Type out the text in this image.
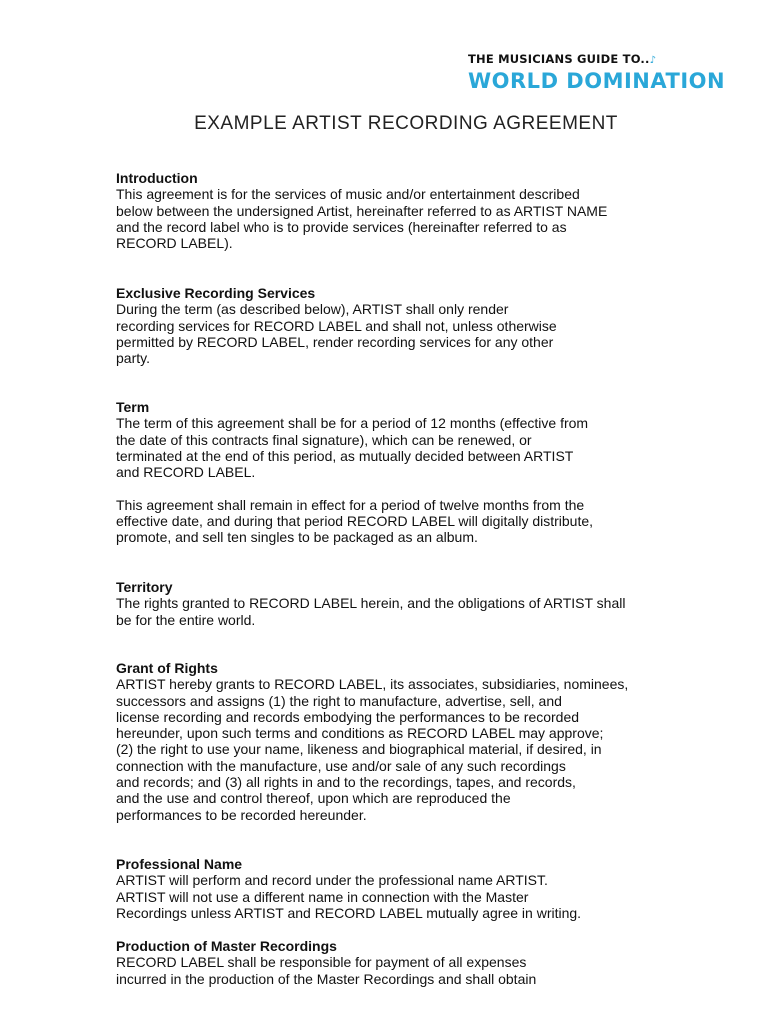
THE MUSICIANS GUIDE TO..♪
WORLD DOMINATION
EXAMPLE ARTIST RECORDING AGREEMENT
Introduction
This agreement is for the services of music and/or entertainment described
below between the undersigned Artist, hereinafter referred to as ARTIST NAME
and the record label who is to provide services (hereinafter referred to as
RECORD LABEL).
Exclusive Recording Services
During the term (as described below), ARTIST shall only render
recording services for RECORD LABEL and shall not, unless otherwise
permitted by RECORD LABEL, render recording services for any other
party.
Term
The term of this agreement shall be for a period of 12 months (effective from
the date of this contracts final signature), which can be renewed, or
terminated at the end of this period, as mutually decided between ARTIST
and RECORD LABEL.
This agreement shall remain in effect for a period of twelve months from the
effective date, and during that period RECORD LABEL will digitally distribute,
promote, and sell ten singles to be packaged as an album.
Territory
The rights granted to RECORD LABEL herein, and the obligations of ARTIST shall
be for the entire world.
Grant of Rights
ARTIST hereby grants to RECORD LABEL, its associates, subsidiaries, nominees,
successors and assigns (1) the right to manufacture, advertise, sell, and
license recording and records embodying the performances to be recorded
hereunder, upon such terms and conditions as RECORD LABEL may approve;
(2) the right to use your name, likeness and biographical material, if desired, in
connection with the manufacture, use and/or sale of any such recordings
and records; and (3) all rights in and to the recordings, tapes, and records,
and the use and control thereof, upon which are reproduced the
performances to be recorded hereunder.
Professional Name
ARTIST will perform and record under the professional name ARTIST.
ARTIST will not use a different name in connection with the Master
Recordings unless ARTIST and RECORD LABEL mutually agree in writing.
Production of Master Recordings
RECORD LABEL shall be responsible for payment of all expenses
incurred in the production of the Master Recordings and shall obtain
